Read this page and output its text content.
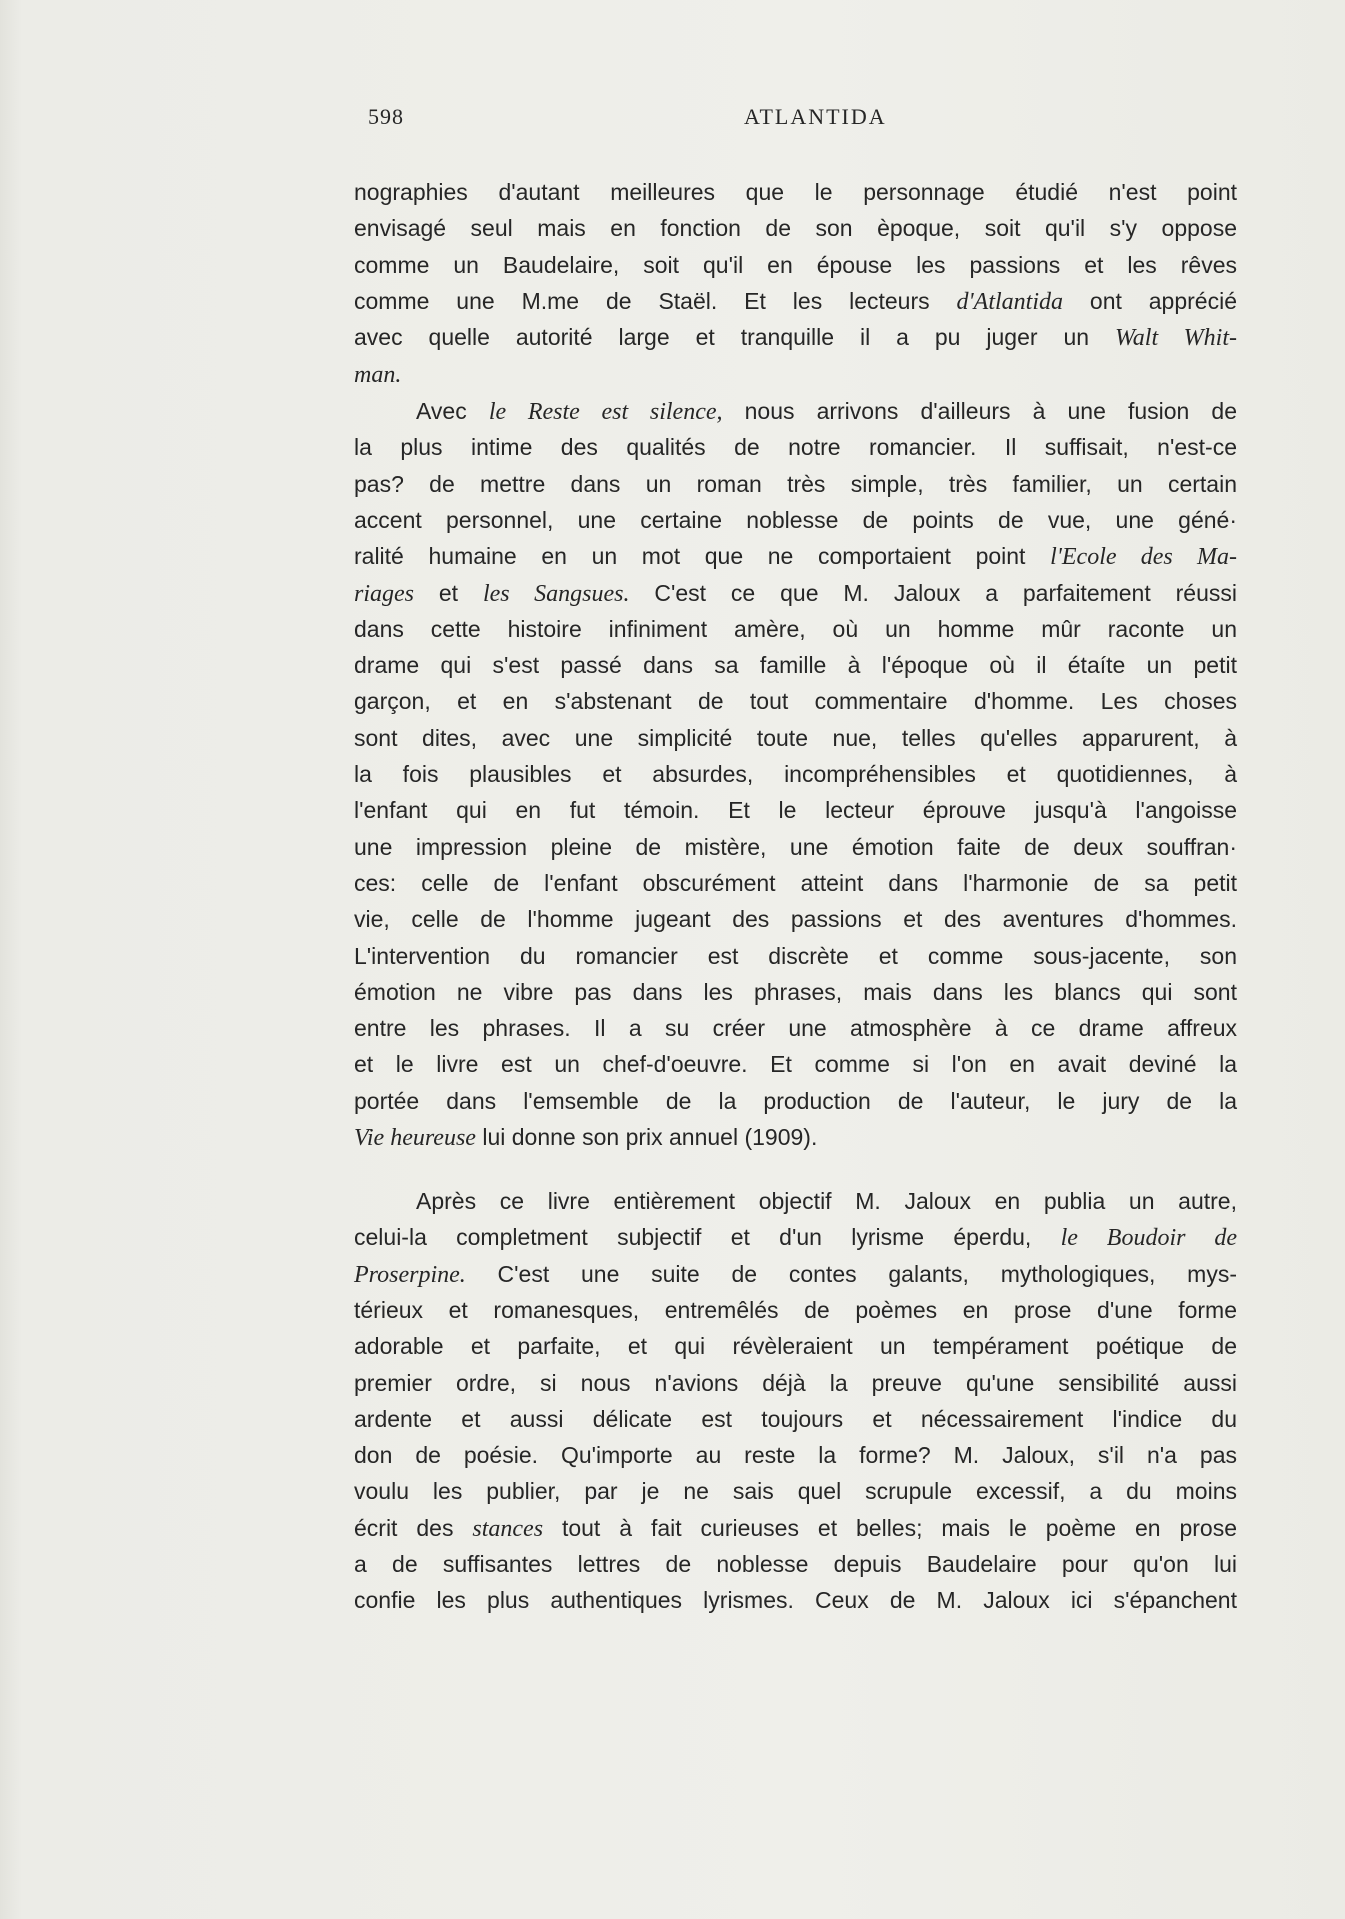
598	ATLANTIDA
nographies d'autant meilleures que le personnage étudié n'est point
envisagé seul mais en fonction de son èpoque, soit qu'il s'y oppose
comme un Baudelaire, soit qu'il en épouse les passions et les rêves
comme une M.me de Staël. Et les lecteurs d'Atlantida ont apprécié
avec quelle autorité large et tranquille il a pu juger un Walt Whit-
man.
Avec le Reste est silence, nous arrivons d'ailleurs à une fusion de
la plus intime des qualités de notre romancier. Il suffisait, n'est-ce
pas? de mettre dans un roman très simple, très familier, un certain
accent personnel, une certaine noblesse de points de vue, une géné·
ralité humaine en un mot que ne comportaient point l'Ecole des Ma-
riages et les Sangsues. C'est ce que M. Jaloux a parfaitement réussi
dans cette histoire infiniment amère, où un homme mûr raconte un
drame qui s'est passé dans sa famille à l'époque où il étaíte un petit
garçon, et en s'abstenant de tout commentaire d'homme. Les choses
sont dites, avec une simplicité toute nue, telles qu'elles apparurent, à
la fois plausibles et absurdes, incompréhensibles et quotidiennes, à
l'enfant qui en fut témoin. Et le lecteur éprouve jusqu'à l'angoisse
une impression pleine de mistère, une émotion faite de deux souffran·
ces: celle de l'enfant obscurément atteint dans l'harmonie de sa petit
vie, celle de l'homme jugeant des passions et des aventures d'hommes.
L'intervention du romancier est discrète et comme sous-jacente, son
émotion ne vibre pas dans les phrases, mais dans les blancs qui sont
entre les phrases. Il a su créer une atmosphère à ce drame affreux
et le livre est un chef-d'oeuvre. Et comme si l'on en avait deviné la
portée dans l'emsemble de la production de l'auteur, le jury de la
Vie heureuse lui donne son prix annuel (1909).
Après ce livre entièrement objectif M. Jaloux en publia un autre,
celui-la completment subjectif et d'un lyrisme éperdu, le Boudoir de
Proserpine. C'est une suite de contes galants, mythologiques, mys-
térieux et romanesques, entremêlés de poèmes en prose d'une forme
adorable et parfaite, et qui révèleraient un tempérament poétique de
premier ordre, si nous n'avions déjà la preuve qu'une sensibilité aussi
ardente et aussi délicate est toujours et nécessairement l'indice du
don de poésie. Qu'importe au reste la forme? M. Jaloux, s'il n'a pas
voulu les publier, par je ne sais quel scrupule excessif, a du moins
écrit des stances tout à fait curieuses et belles; mais le poème en prose
a de suffisantes lettres de noblesse depuis Baudelaire pour qu'on lui
confie les plus authentiques lyrismes. Ceux de M. Jaloux ici s'épanchent
